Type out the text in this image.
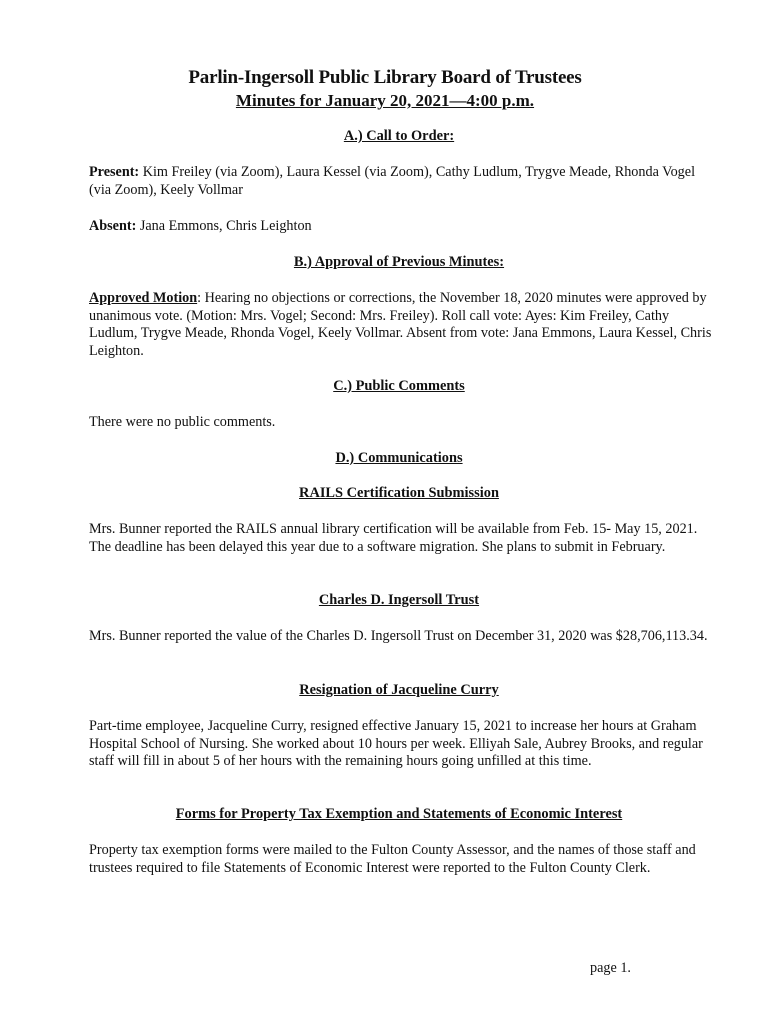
Parlin-Ingersoll Public Library Board of Trustees
Minutes for January 20, 2021—4:00 p.m.
A.) Call to Order:
Present: Kim Freiley (via Zoom), Laura Kessel (via Zoom), Cathy Ludlum, Trygve Meade, Rhonda Vogel (via Zoom), Keely Vollmar
Absent: Jana Emmons, Chris Leighton
B.) Approval of Previous Minutes:
Approved Motion: Hearing no objections or corrections, the November 18, 2020 minutes were approved by unanimous vote. (Motion: Mrs. Vogel; Second: Mrs. Freiley). Roll call vote: Ayes: Kim Freiley, Cathy Ludlum, Trygve Meade, Rhonda Vogel, Keely Vollmar. Absent from vote: Jana Emmons, Laura Kessel, Chris Leighton.
C.) Public Comments
There were no public comments.
D.) Communications
RAILS Certification Submission
Mrs. Bunner reported the RAILS annual library certification will be available from Feb. 15- May 15, 2021. The deadline has been delayed this year due to a software migration. She plans to submit in February.
Charles D. Ingersoll Trust
Mrs. Bunner reported the value of the Charles D. Ingersoll Trust on December 31, 2020 was $28,706,113.34.
Resignation of Jacqueline Curry
Part-time employee, Jacqueline Curry, resigned effective January 15, 2021 to increase her hours at Graham Hospital School of Nursing. She worked about 10 hours per week. Elliyah Sale, Aubrey Brooks, and regular staff will fill in about 5 of her hours with the remaining hours going unfilled at this time.
Forms for Property Tax Exemption and Statements of Economic Interest
Property tax exemption forms were mailed to the Fulton County Assessor, and the names of those staff and trustees required to file Statements of Economic Interest were reported to the Fulton County Clerk.
page 1.
